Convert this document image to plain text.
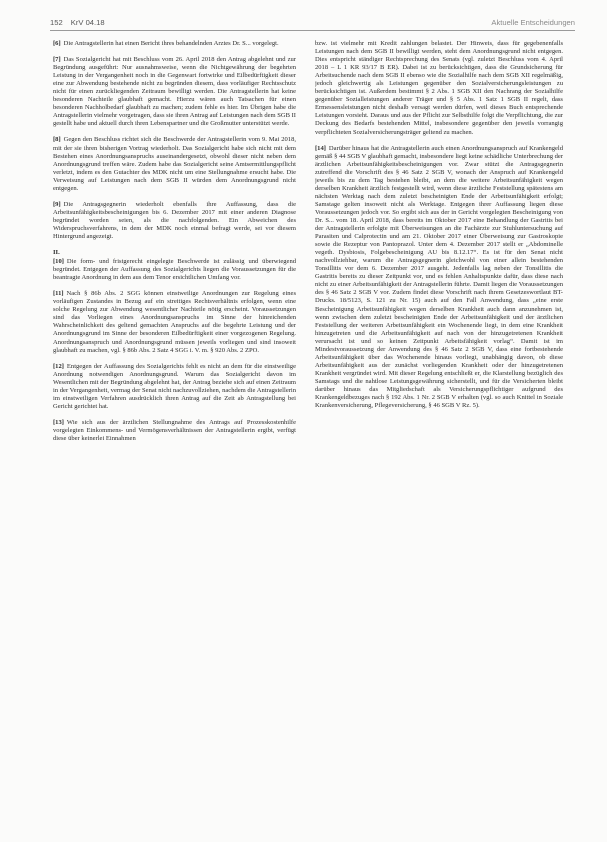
152 KrV 04.18	Aktuelle Entscheidungen

[6] Die Antragstellerin hat einen Bericht ihres behandelnden Arztes Dr. S... vorgelegt.

[7] Das Sozialgericht hat mit Beschluss vom 26. April 2018 den Antrag abgelehnt und zur Begründung ausgeführt: Nur ausnahmsweise, wenn die Nichtgewährung der begehrten Leistung in der Vergangenheit noch in die Gegenwart fortwirke und Eilbedürftigkeit dieser eine zur Abwendung bestehende nicht zu begründen diesem, dass vorläufiger Rechtsschutz nicht für einen zurückliegenden Zeitraum bewilligt werden. Die Antragstellerin hat keine besonderen Nachteile glaubhaft gemacht. Hierzu wären auch Tatsachen für einen besonderen Nachholbedarf glaubhaft zu machen; zudem fehle es hier. Im Übrigen habe die Antragstellerin vielmehr vorgetragen, dass sie ihren Antrag auf Leistungen nach dem SGB II gestellt habe und aktuell durch ihren Lebenspartner und die Großmutter unterstützt werde.

[8] Gegen den Beschluss richtet sich die Beschwerde der Antragstellerin vom 9. Mai 2018, mit der sie ihren bisherigen Vortrag wiederholt. Das Sozialgericht habe sich nicht mit dem Bestehen eines Anordnungsanspruchs auseinandergesetzt, obwohl dieser nicht neben dem Anordnungsgrund treffen wäre. Zudem habe das Sozialgericht seine Amtsermittlungspflicht verletzt, indem es den Gutachter des MDK nicht um eine Stellungnahme ersucht habe. Die Verweisung auf Leistungen nach dem SGB II würden dem Anordnungsgrund nicht entgegen.

[9] Die Antragsgegnerin wiederholt ebenfalls ihre Auffassung, dass die Arbeitsunfähigkeitsbescheinigungen bis 6. Dezember 2017 mit einer anderen Diagnose begründet worden seien, als die nachfolgenden. Ein Abweichen des Widerspruchsverfahrens, in dem der MDK noch einmal befragt werde, sei vor diesem Hintergrund angezeigt.

II.

[10] Die form- und fristgerecht eingelegte Beschwerde ist zulässig und überwiegend begründet. Entgegen der Auffassung des Sozialgerichts liegen die Voraussetzungen für die beantragte Anordnung in dem aus dem Tenor ersichtlichen Umfang vor.

[11] Nach § 86b Abs. 2 SGG können einstweilige Anordnungen zur Regelung eines vorläufigen Zustandes in Bezug auf ein streitiges Rechtsverhältnis erfolgen, wenn eine solche Regelung zur Abwendung wesentlicher Nachteile nötig erscheint. Voraussetzungen sind das Vorliegen eines Anordnungsanspruchs im Sinne der hinreichenden Wahrscheinlichkeit des geltend gemachten Anspruchs auf die begehrte Leistung und der Anordnungsgrund im Sinne der besonderen Eilbedürftigkeit einer vorgezogenen Regelung. Anordnungsanspruch und Anordnungsgrund müssen jeweils vorliegen und sind insoweit glaubhaft zu machen, vgl. § 86b Abs. 2 Satz 4 SGG i. V. m. § 920 Abs. 2 ZPO.

[12] Entgegen der Auffassung des Sozialgerichts fehlt es nicht an dem für die einstweilige Anordnung notwendigen Anordnungsgrund. Warum das Sozialgericht davon im Wesentlichen mit der Begründung abgelehnt hat, der Antrag beziehe sich auf einen Zeitraum in der Vergangenheit, vermag der Senat nicht nachzuvollziehen, nachdem die Antragstellerin im einstweiligen Verfahren ausdrücklich ihren Antrag auf die Zeit ab Antragstellung bei Gericht gerichtet hat.

[13] Wie sich aus der ärztlichen Stellungnahme des Antrags auf Prozesskostenhilfe vorgelegten Einkommens- und Vermögensverhältnissen der Antragstellerin ergibt, verfügt diese über keinerlei Einnahmen

bzw. ist vielmehr mit Kredit zahlungen belastet. Der Hinweis, dass für gegebenenfalls Leistungen nach dem SGB II bewilligt werden, steht dem Anordnungsgrund nicht entgegen. Dies entspricht ständiger Rechtsprechung des Senats (vgl. zuletzt Beschluss vom 4. April 2018 – L 1 KR 93/17 B ER). Dabei ist zu berücksichtigen, dass die Grundsicherung für Arbeitsuchende nach dem SGB II ebenso wie die Sozialhilfe nach dem SGB XII regelmäßig, jedoch gleichwertig als Leistungen gegenüber den Sozialversicherungsleistungen zu berücksichtigen ist. Außerdem bestimmt § 2 Abs. 1 SGB XII den Nachrang der Sozialhilfe gegenüber Sozialleistungen anderer Träger und § 5 Abs. 1 Satz 1 SGB II regelt, dass Ermessensleistungen nicht deshalb versagt werden dürfen, weil dieses Buch entsprechende Leistungen vorsieht. Daraus und aus der Pflicht zur Selbsthilfe folgt die Verpflichtung, die zur Deckung des Bedarfs bestehenden Mittel, insbesondere gegenüber den jeweils vorrangig verpflichteten Sozialversicherungsträger geltend zu machen.

[14] Darüber hinaus hat die Antragstellerin auch einen Anordnungsanspruch auf Krankengeld gemäß § 44 SGB V glaubhaft gemacht, insbesondere liegt keine schädliche Unterbrechung der ärztlichen Arbeitsunfähigkeitsbescheinigungen vor. Zwar stützt die Antragsgegnerin zutreffend die Vorschrift des § 46 Satz 2 SGB V, wonach der Anspruch auf Krankengeld jeweils bis zu dem Tag bestehen bleibt, an dem die weitere Arbeitsunfähigkeit wegen derselben Krankheit ärztlich festgestellt wird, wenn diese ärztliche Feststellung spätestens am nächsten Werktag nach dem zuletzt bescheinigten Ende der Arbeitsunfähigkeit erfolgt; Samstage gelten insoweit nicht als Werktage. Entgegen ihrer Auffassung liegen diese Voraussetzungen jedoch vor. So ergibt sich aus der in Gericht vorgelegten Bescheinigung von Dr. S... vom 18. April 2018, dass bereits im Oktober 2017 eine Behandlung der Gastritis bei der Antragstellerin erfolgte mit Überweisungen an die Fachärzte zur Stuhluntersuchung auf Parasiten und Calprotectin und am 21. Oktober 2017 einer Überweisung zur Gastroskopie sowie die Rezeptur von Pantoprazol. Unter dem 4. Dezember 2017 stellt er „Abdominelle vegeth. Dysbiosis, Folgebescheinigung AU bis 8.12.17“. Es ist für den Senat nicht nachvollziehbar, warum die Antragsgegnerin gleichwohl von einer allein bestehenden Tonsillitis vor dem 6. Dezember 2017 ausgeht. Jedenfalls lag neben der Tonsillitis die Gastritis bereits zu dieser Zeitpunkt vor, und es fehlen Anhaltspunkte dafür, dass diese nach nicht zu einer Arbeitsunfähigkeit der Antragstellerin führte. Damit liegen die Voraussetzungen des § 46 Satz 2 SGB V vor. Zudem findet diese Vorschrift nach ihrem Gesetzeswortlaut BT-Drucks. 18/5123, S. 121 zu Nr. 15) auch auf den Fall Anwendung, dass „eine erste Bescheinigung Arbeitsunfähigkeit wegen derselben Krankheit auch dann anzunehmen ist, wenn zwischen dem zuletzt bescheinigten Ende der Arbeitsunfähigkeit und der ärztlichen Feststellung der weiteren Arbeitsunfähigkeit ein Wochenende liegt, in dem eine Krankheit hinzugetreten und die Arbeitsunfähigkeit auf nach von der hinzugetretenen Krankheit verursacht ist und so keinen Zeitpunkt Arbeitsfähigkeit vorlag“. Damit ist im Mindestvoraussetzung der Anwendung des § 46 Satz 2 SGB V, dass eine fortbestehende Arbeitsunfähigkeit über das Wochenende hinaus vorliegt, unabhängig davon, ob diese Arbeitsunfähigkeit aus der zunächst vorliegenden Krankheit oder der hinzugetretenen Krankheit vergründet wird. Mit dieser Regelung entschließt er, die Klarstellung bezüglich des Samstags und die nahtlose Leistungsgewährung sicherstellt, und für die Versicherten bleibt darüber hinaus das Mitgliedschaft als Versicherungspflichtiger aufgrund des Krankengeldbezuges nach § 192 Abs. 1 Nr. 2 SGB V erhalten (vgl. so auch Knittel in Soziale Krankenversicherung, Pflegeversicherung, § 46 SGB V Rz. 5).
